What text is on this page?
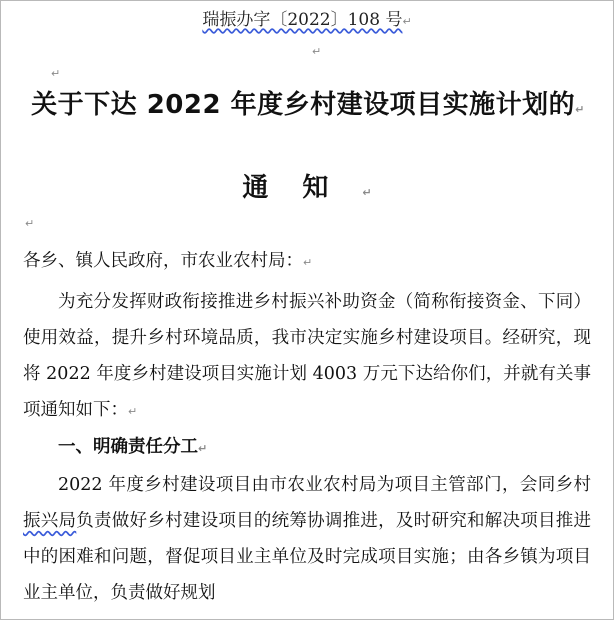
瑞振办字〔2022〕108 号↵
↵
↵
关于下达 2022 年度乡村建设项目实施计划的↵
通知↵
↵
各乡、镇人民政府，市农业农村局：↵

为充分发挥财政衔接推进乡村振兴补助资金（简称衔接资金、下同）使用效益，提升乡村环境品质，我市决定实施乡村建设项目。经研究，现将 2022 年度乡村建设项目实施计划 4003 万元下达给你们，并就有关事项通知如下：↵

一、明确责任分工↵

2022 年度乡村建设项目由市农业农村局为项目主管部门，会同乡村振兴局负责做好乡村建设项目的统筹协调推进，及时研究和解决项目推进中的困难和问题，督促项目业主单位及时完成项目实施；由各乡镇为项目业主单位，负责做好规划
